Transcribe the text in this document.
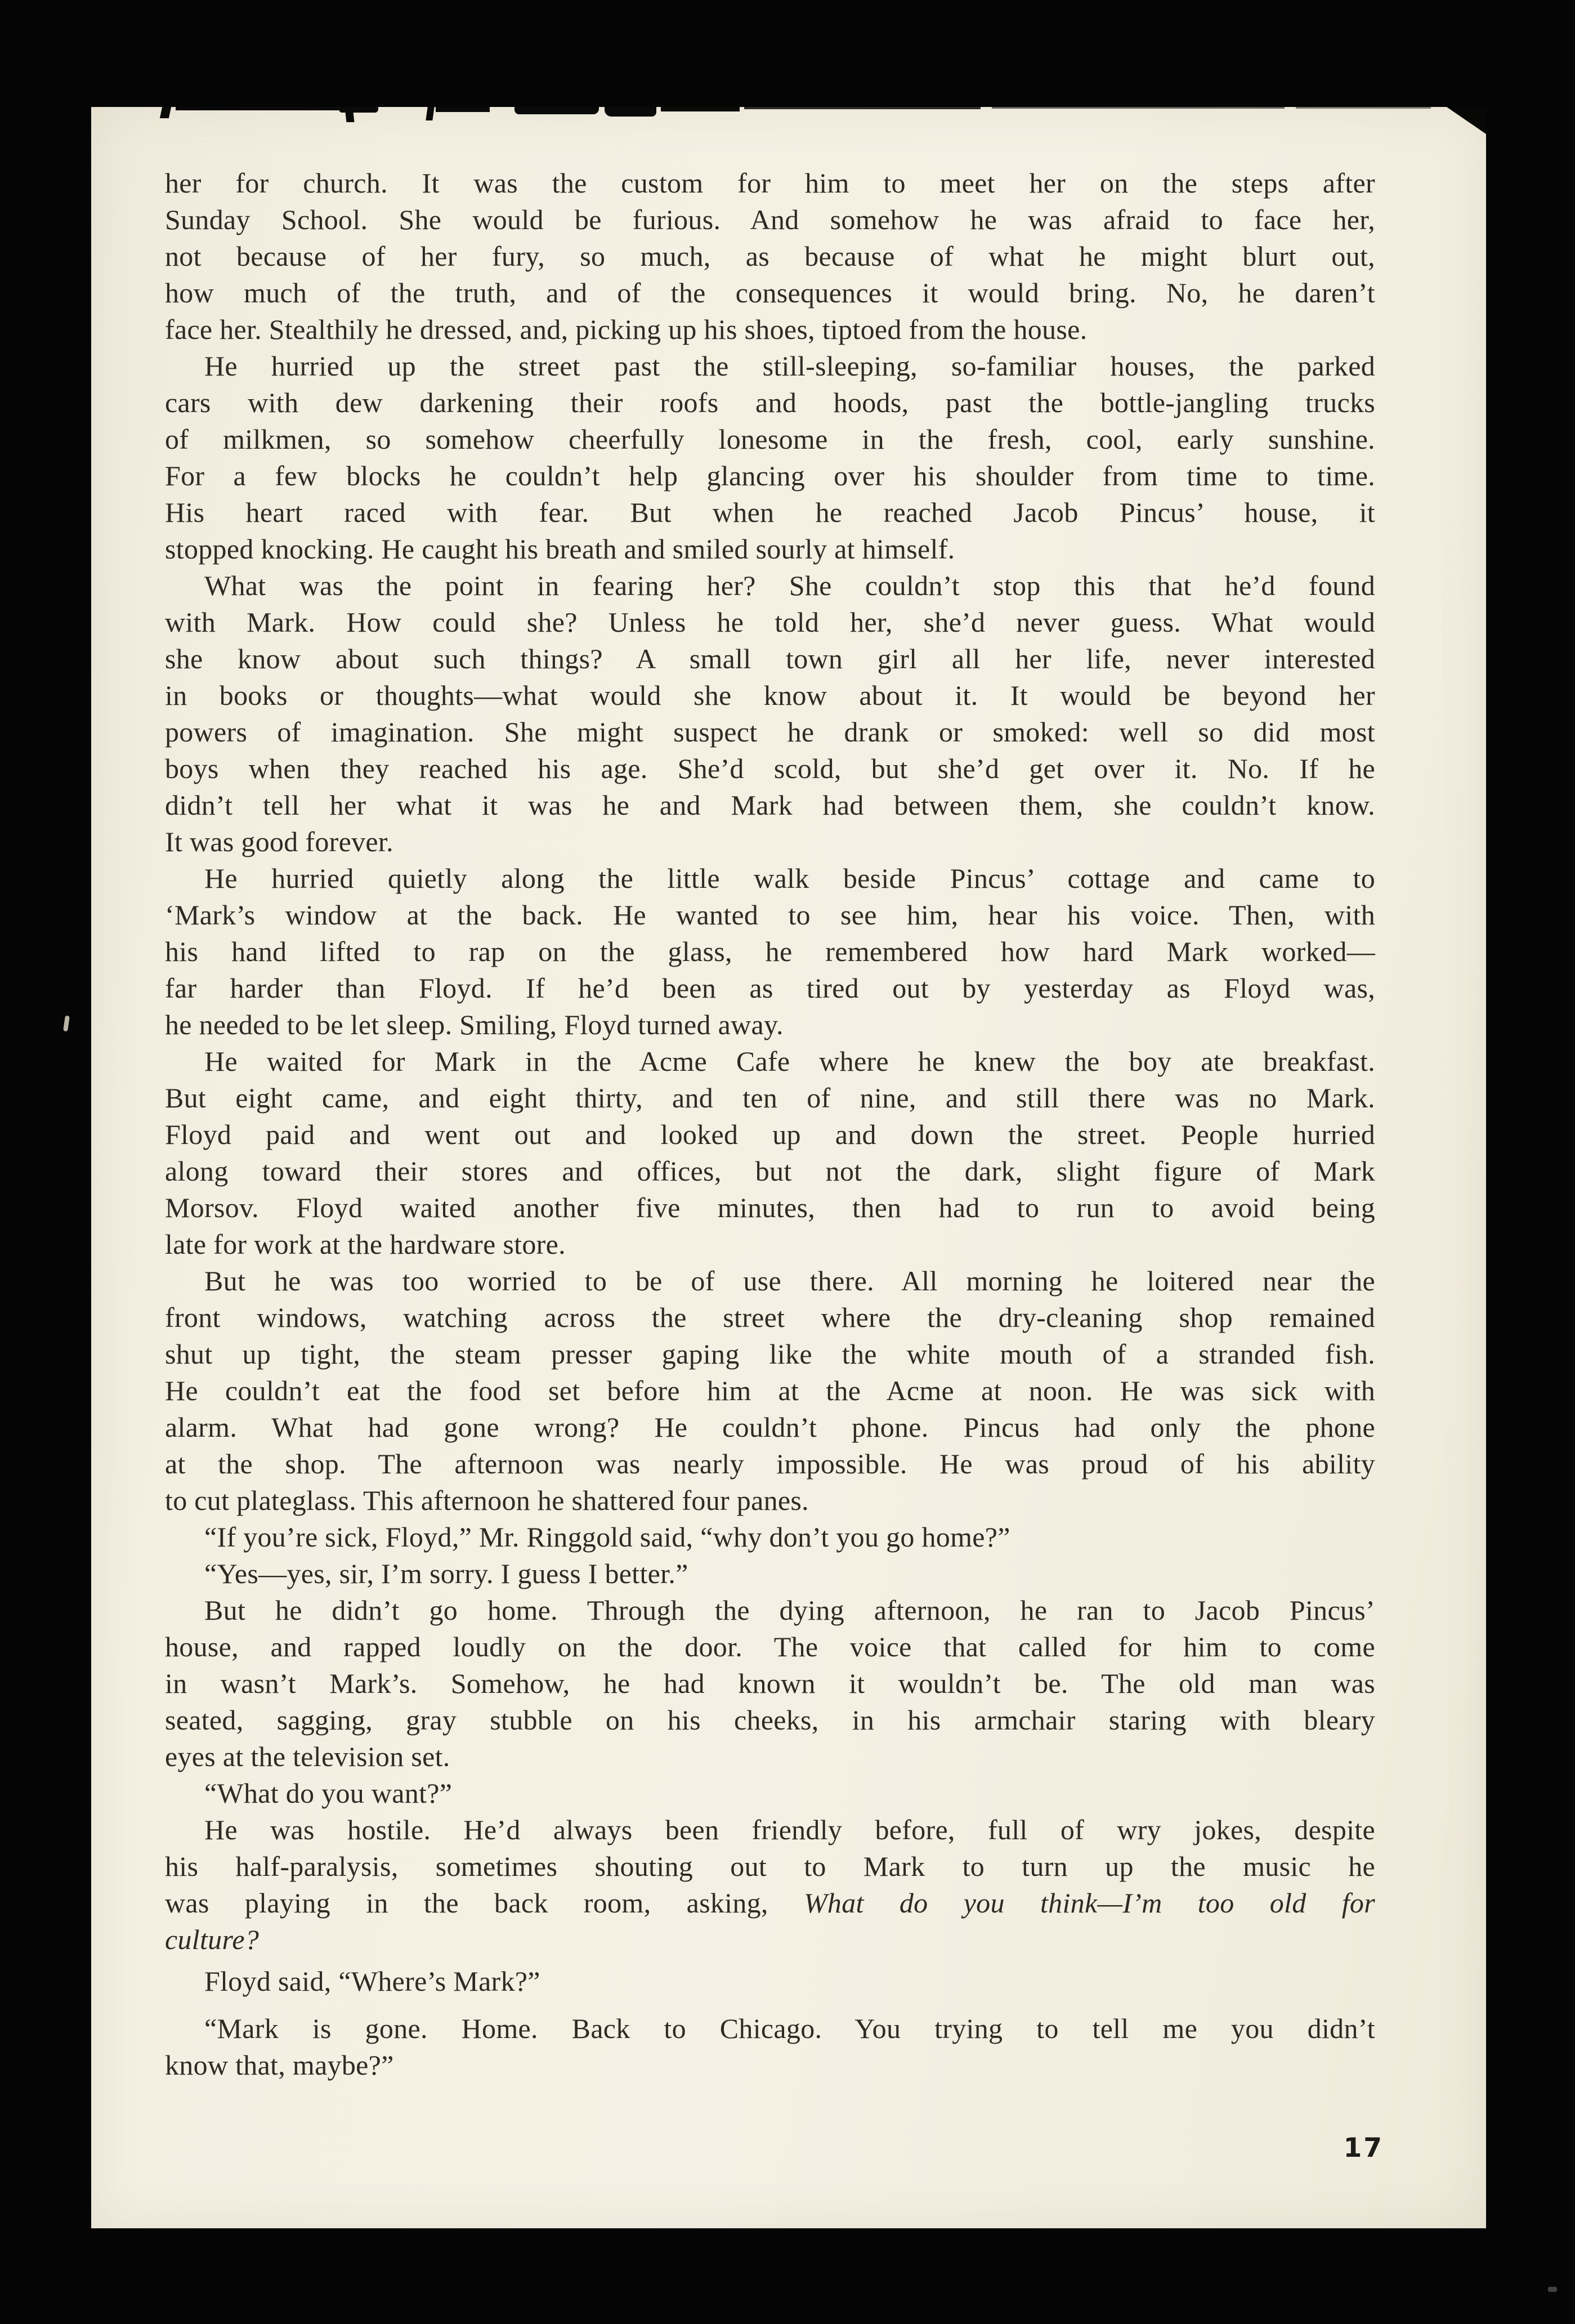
her for church. It was the custom for him to meet her on the steps after
Sunday School. She would be furious. And somehow he was afraid to face her,
not because of her fury, so much, as because of what he might blurt out,
how much of the truth, and of the consequences it would bring. No, he daren’t
face her. Stealthily he dressed, and, picking up his shoes, tiptoed from the house.
He hurried up the street past the still-sleeping, so-familiar houses, the parked
cars with dew darkening their roofs and hoods, past the bottle-jangling trucks
of milkmen, so somehow cheerfully lonesome in the fresh, cool, early sunshine.
For a few blocks he couldn’t help glancing over his shoulder from time to time.
His heart raced with fear. But when he reached Jacob Pincus’ house, it
stopped knocking. He caught his breath and smiled sourly at himself.
What was the point in fearing her? She couldn’t stop this that he’d found
with Mark. How could she? Unless he told her, she’d never guess. What would
she know about such things? A small town girl all her life, never interested
in books or thoughts—what would she know about it. It would be beyond her
powers of imagination. She might suspect he drank or smoked: well so did most
boys when they reached his age. She’d scold, but she’d get over it. No. If he
didn’t tell her what it was he and Mark had between them, she couldn’t know.
It was good forever.
He hurried quietly along the little walk beside Pincus’ cottage and came to
‘Mark’s window at the back. He wanted to see him, hear his voice. Then, with
his hand lifted to rap on the glass, he remembered how hard Mark worked—
far harder than Floyd. If he’d been as tired out by yesterday as Floyd was,
he needed to be let sleep. Smiling, Floyd turned away.
He waited for Mark in the Acme Cafe where he knew the boy ate breakfast.
But eight came, and eight thirty, and ten of nine, and still there was no Mark.
Floyd paid and went out and looked up and down the street. People hurried
along toward their stores and offices, but not the dark, slight figure of Mark
Morsov. Floyd waited another five minutes, then had to run to avoid being
late for work at the hardware store.
But he was too worried to be of use there. All morning he loitered near the
front windows, watching across the street where the dry-cleaning shop remained
shut up tight, the steam presser gaping like the white mouth of a stranded fish.
He couldn’t eat the food set before him at the Acme at noon. He was sick with
alarm. What had gone wrong? He couldn’t phone. Pincus had only the phone
at the shop. The afternoon was nearly impossible. He was proud of his ability
to cut plateglass. This afternoon he shattered four panes.
“If you’re sick, Floyd,” Mr. Ringgold said, “why don’t you go home?”
“Yes—yes, sir, I’m sorry. I guess I better.”
But he didn’t go home. Through the dying afternoon, he ran to Jacob Pincus’
house, and rapped loudly on the door. The voice that called for him to come
in wasn’t Mark’s. Somehow, he had known it wouldn’t be. The old man was
seated, sagging, gray stubble on his cheeks, in his armchair staring with bleary
eyes at the television set.
“What do you want?”
He was hostile. He’d always been friendly before, full of wry jokes, despite
his half-paralysis, sometimes shouting out to Mark to turn up the music he
was playing in the back room, asking, What do you think—I’m too old for
culture?
Floyd said, “Where’s Mark?”
“Mark is gone. Home. Back to Chicago. You trying to tell me you didn’t
know that, maybe?”
17
